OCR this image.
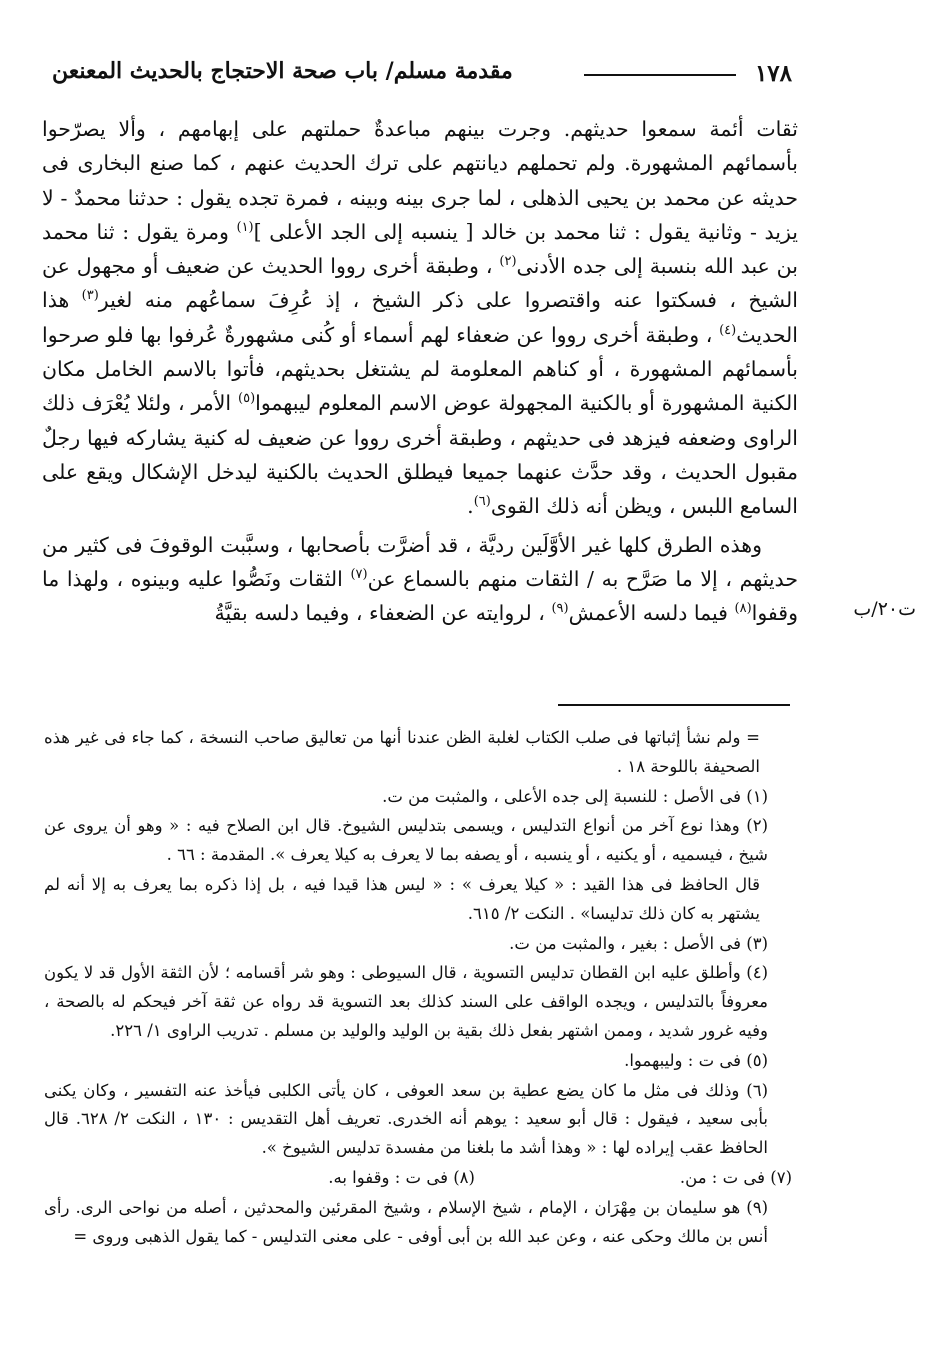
١٧٨
مقدمة مسلم/ باب صحة الاحتجاج بالحديث المعنعن

ثقات أئمة سمعوا حديثهم. وجرت بينهم مباعدةٌ حملتهم على إبهامهم ، وألا يصرّحوا بأسمائهم المشهورة. ولم تحملهم ديانتهم على ترك الحديث عنهم ، كما صنع البخارى فى حديثه عن محمد بن يحيى الذهلى ، لما جرى بينه وبينه ، فمرة تجده يقول : حدثنا محمدٌ - لا يزيد - وثانية يقول : ثنا محمد بن خالد [ ينسبه إلى الجد الأعلى ]$^{(١)}$ ومرة يقول : ثنا محمد بن عبد الله بنسبة إلى جده الأدنى$^{(٢)}$ ، وطبقة أخرى رووا الحديث عن ضعيف أو مجهول عن الشيخ ، فسكتوا عنه واقتصروا على ذكر الشيخ ، إذ عُرِفَ سماعُهم منه لغير$^{(٣)}$ هذا الحديث$^{(٤)}$ ، وطبقة أخرى رووا عن ضعفاء لهم أسماء أو كُنى مشهورةٌ عُرفوا بها فلو صرحوا بأسمائهم المشهورة ، أو كناهم المعلومة لم يشتغل بحديثهم، فأتوا بالاسم الخامل مكان الكنية المشهورة أو بالكنية المجهولة عوض الاسم المعلوم ليبهموا$^{(٥)}$ الأمر ، ولئلا يُعْرَف ذلك الراوى وضعفه فيزهد فى حديثهم ، وطبقة أخرى رووا عن ضعيف له كنية يشاركه فيها رجلٌ مقبول الحديث ، وقد حدَّث عنهما جميعا فيطلق الحديث بالكنية ليدخل الإشكال ويقع على السامع اللبس ، ويظن أنه ذلك القوى$^{(٦)}$.

وهذه الطرق كلها غير الأوَّلَين رديَّة ، قد أضرَّت بأصحابها ، وسبَّبت الوقوفَ فى كثير من حديثهم ، إلا ما صَرَّح به / الثقات منهم بالسماع عن$^{(٧)}$ الثقات ونَصُّوا عليه وبينوه ، ولهذا ما وقفوا$^{(٨)}$ فيما دلسه الأعمش$^{(٩)}$ ، لروايته عن الضعفاء ، وفيما دلسه بقيَّةُ	ت٢٠/ب

= ولم نشأ إثباتها فى صلب الكتاب لغلبة الظن عندنا أنها من تعاليق صاحب النسخة ، كما جاء فى غير هذه الصحيفة باللوحة ١٨ .

(١) فى الأصل : للنسبة إلى جده الأعلى ، والمثبت من ت.

(٢) وهذا نوع آخر من أنواع التدليس ، ويسمى بتدليس الشيوخ. قال ابن الصلاح فيه : « وهو أن يروى عن شيخ ، فيسميه ، أو يكنيه ، أو ينسبه ، أو يصفه بما لا يعرف به كيلا يعرف ». المقدمة : ٦٦ .

قال الحافظ فى هذا القيد : « كيلا يعرف » : « ليس هذا قيدا فيه ، بل إذا ذكره بما يعرف به إلا أنه لم يشتهر به كان ذلك تدليسا» . النكت ٢/ ٦١٥.

(٣) فى الأصل : بغير ، والمثبت من ت.

(٤) وأطلق عليه ابن القطان تدليس التسوية ، قال السيوطى : وهو شر أقسامه ؛ لأن الثقة الأول قد لا يكون معروفاً بالتدليس ، ويجده الواقف على السند كذلك بعد التسوية قد رواه عن ثقة آخر فيحكم له بالصحة ، وفيه غرور شديد ، وممن اشتهر بفعل ذلك بقية بن الوليد والوليد بن مسلم . تدريب الراوى ١/ ٢٢٦.

(٥) فى ت : وليبهموا.

(٦) وذلك فى مثل ما كان يضع عطية بن سعد العوفى ، كان يأتى الكلبى فيأخذ عنه التفسير ، وكان يكنى بأبى سعيد ، فيقول : قال أبو سعيد : يوهم أنه الخدرى. تعريف أهل التقديس : ١٣٠ ، النكت ٢/ ٦٢٨. قال الحافظ عقب إيراده لها : « وهذا أشد ما بلغنا من مفسدة تدليس الشيوخ ».

(٧) فى ت : من.
(٨) فى ت : وقفوا به.

(٩) هو سليمان بن مِهْرَان ، الإمام ، شيخ الإسلام ، وشيخ المقرئين والمحدثين ، أصله من نواحى الرى. رأى أنس بن مالك وحكى عنه ، وعن عبد الله بن أبى أوفى - على معنى التدليس - كما يقول الذهبى وروى =
